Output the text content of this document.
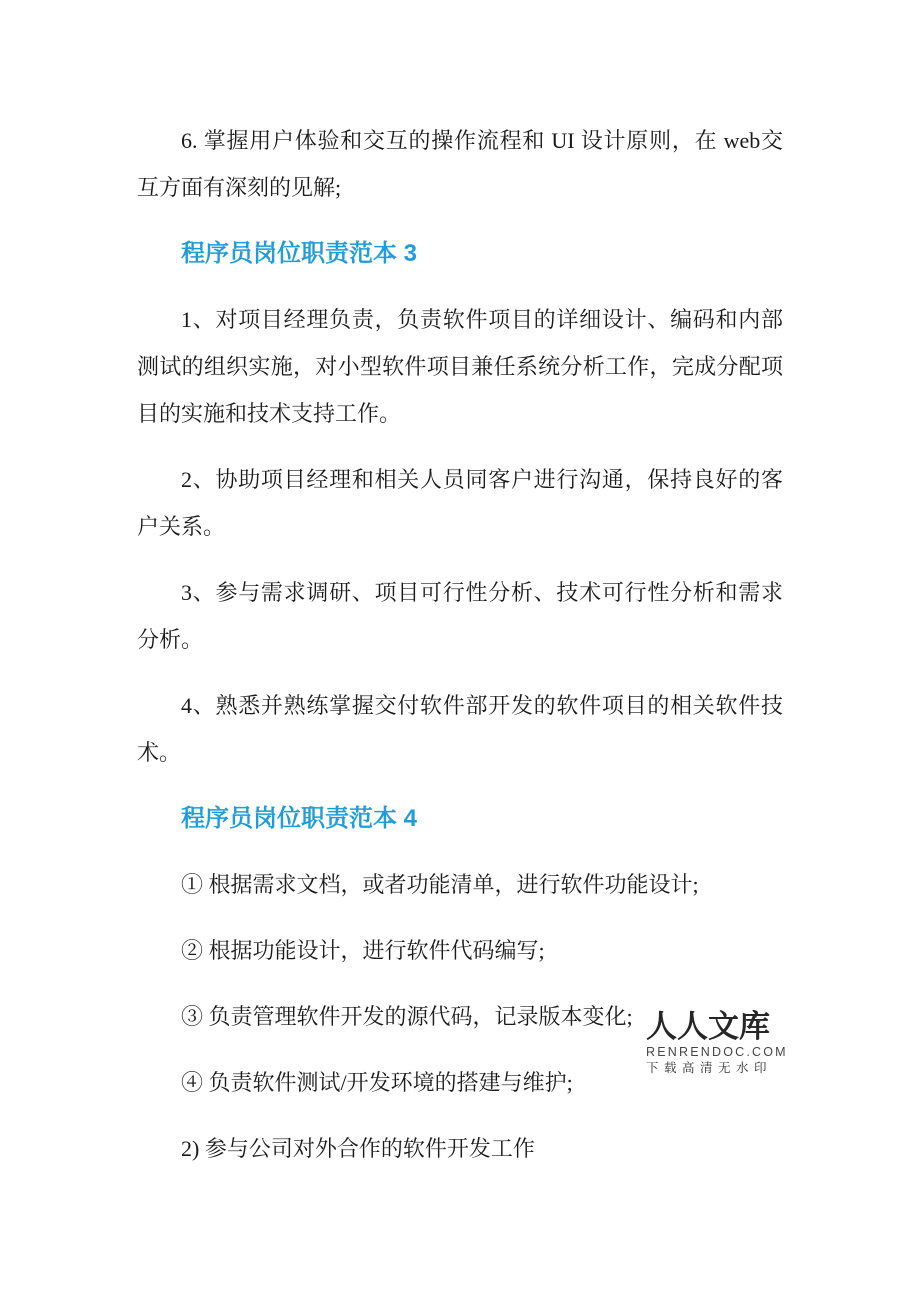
6. 掌握用户体验和交互的操作流程和 UI 设计原则，在 web交互方面有深刻的见解;

程序员岗位职责范本 3

1、对项目经理负责，负责软件项目的详细设计、编码和内部测试的组织实施，对小型软件项目兼任系统分析工作，完成分配项目的实施和技术支持工作。

2、协助项目经理和相关人员同客户进行沟通，保持良好的客户关系。

3、参与需求调研、项目可行性分析、技术可行性分析和需求分析。

4、熟悉并熟练掌握交付软件部开发的软件项目的相关软件技术。

程序员岗位职责范本 4

① 根据需求文档，或者功能清单，进行软件功能设计;

② 根据功能设计，进行软件代码编写;

③ 负责管理软件开发的源代码，记录版本变化;

④ 负责软件测试/开发环境的搭建与维护;

2) 参与公司对外合作的软件开发工作

人人文库
RENRENDOC.COM
下载高清无水印
